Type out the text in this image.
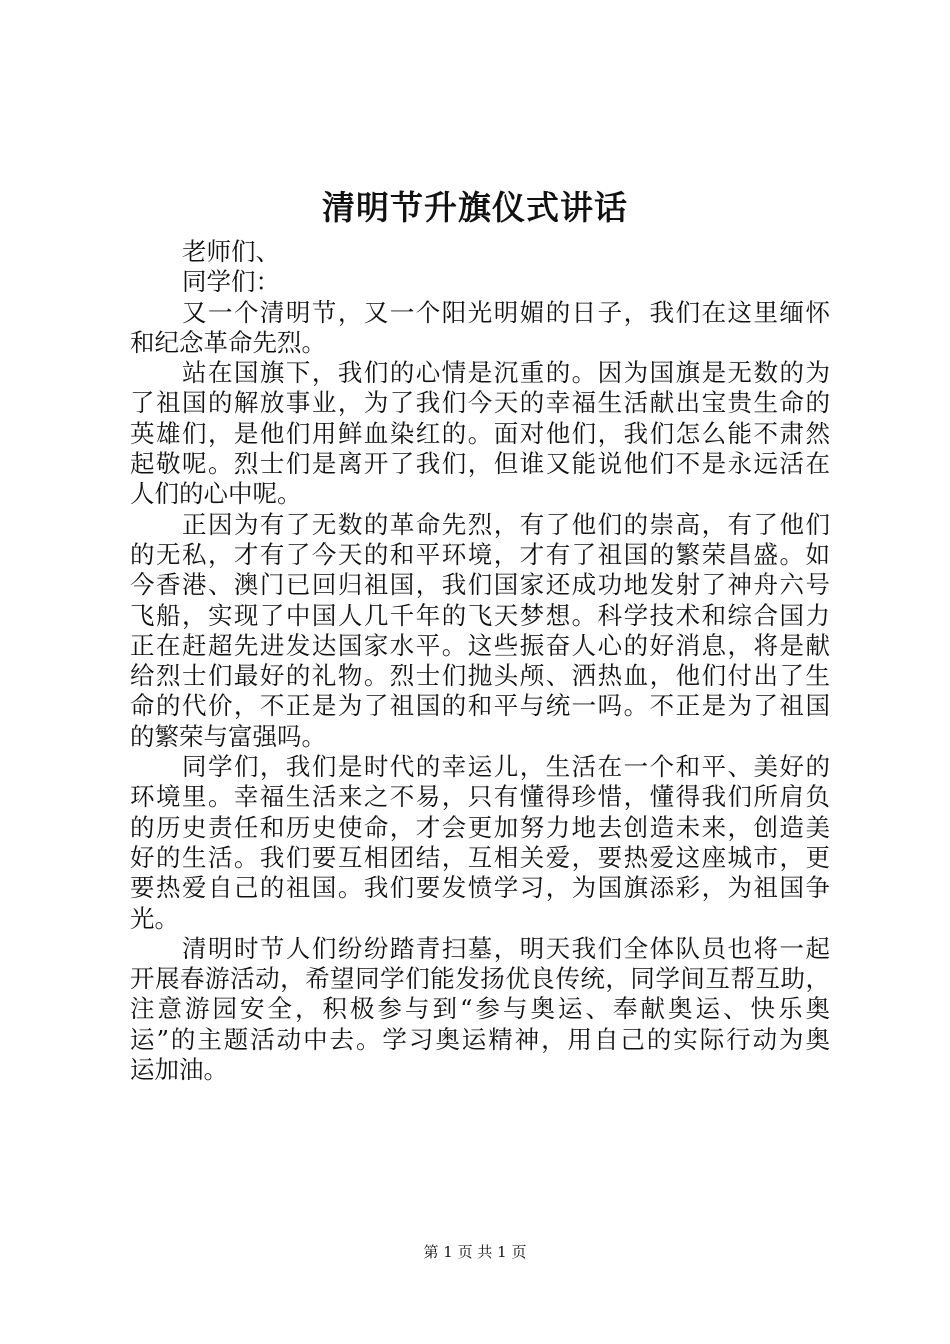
清明节升旗仪式讲话
老师们、
同学们：
又一个清明节，又一个阳光明媚的日子，我们在这里缅怀
和纪念革命先烈。
站在国旗下，我们的心情是沉重的。因为国旗是无数的为
了祖国的解放事业，为了我们今天的幸福生活献出宝贵生命的
英雄们，是他们用鲜血染红的。面对他们，我们怎么能不肃然
起敬呢。烈士们是离开了我们，但谁又能说他们不是永远活在
人们的心中呢。
正因为有了无数的革命先烈，有了他们的崇高，有了他们
的无私，才有了今天的和平环境，才有了祖国的繁荣昌盛。如
今香港、澳门已回归祖国，我们国家还成功地发射了神舟六号
飞船，实现了中国人几千年的飞天梦想。科学技术和综合国力
正在赶超先进发达国家水平。这些振奋人心的好消息，将是献
给烈士们最好的礼物。烈士们抛头颅、洒热血，他们付出了生
命的代价，不正是为了祖国的和平与统一吗。不正是为了祖国
的繁荣与富强吗。
同学们，我们是时代的幸运儿，生活在一个和平、美好的
环境里。幸福生活来之不易，只有懂得珍惜，懂得我们所肩负
的历史责任和历史使命，才会更加努力地去创造未来，创造美
好的生活。我们要互相团结，互相关爱，要热爱这座城市，更
要热爱自己的祖国。我们要发愤学习，为国旗添彩，为祖国争
光。
清明时节人们纷纷踏青扫墓，明天我们全体队员也将一起
开展春游活动，希望同学们能发扬优良传统，同学间互帮互助，
注意游园安全，积极参与到“参与奥运、奉献奥运、快乐奥
运”的主题活动中去。学习奥运精神，用自己的实际行动为奥
运加油。
第 1 页 共 1 页
